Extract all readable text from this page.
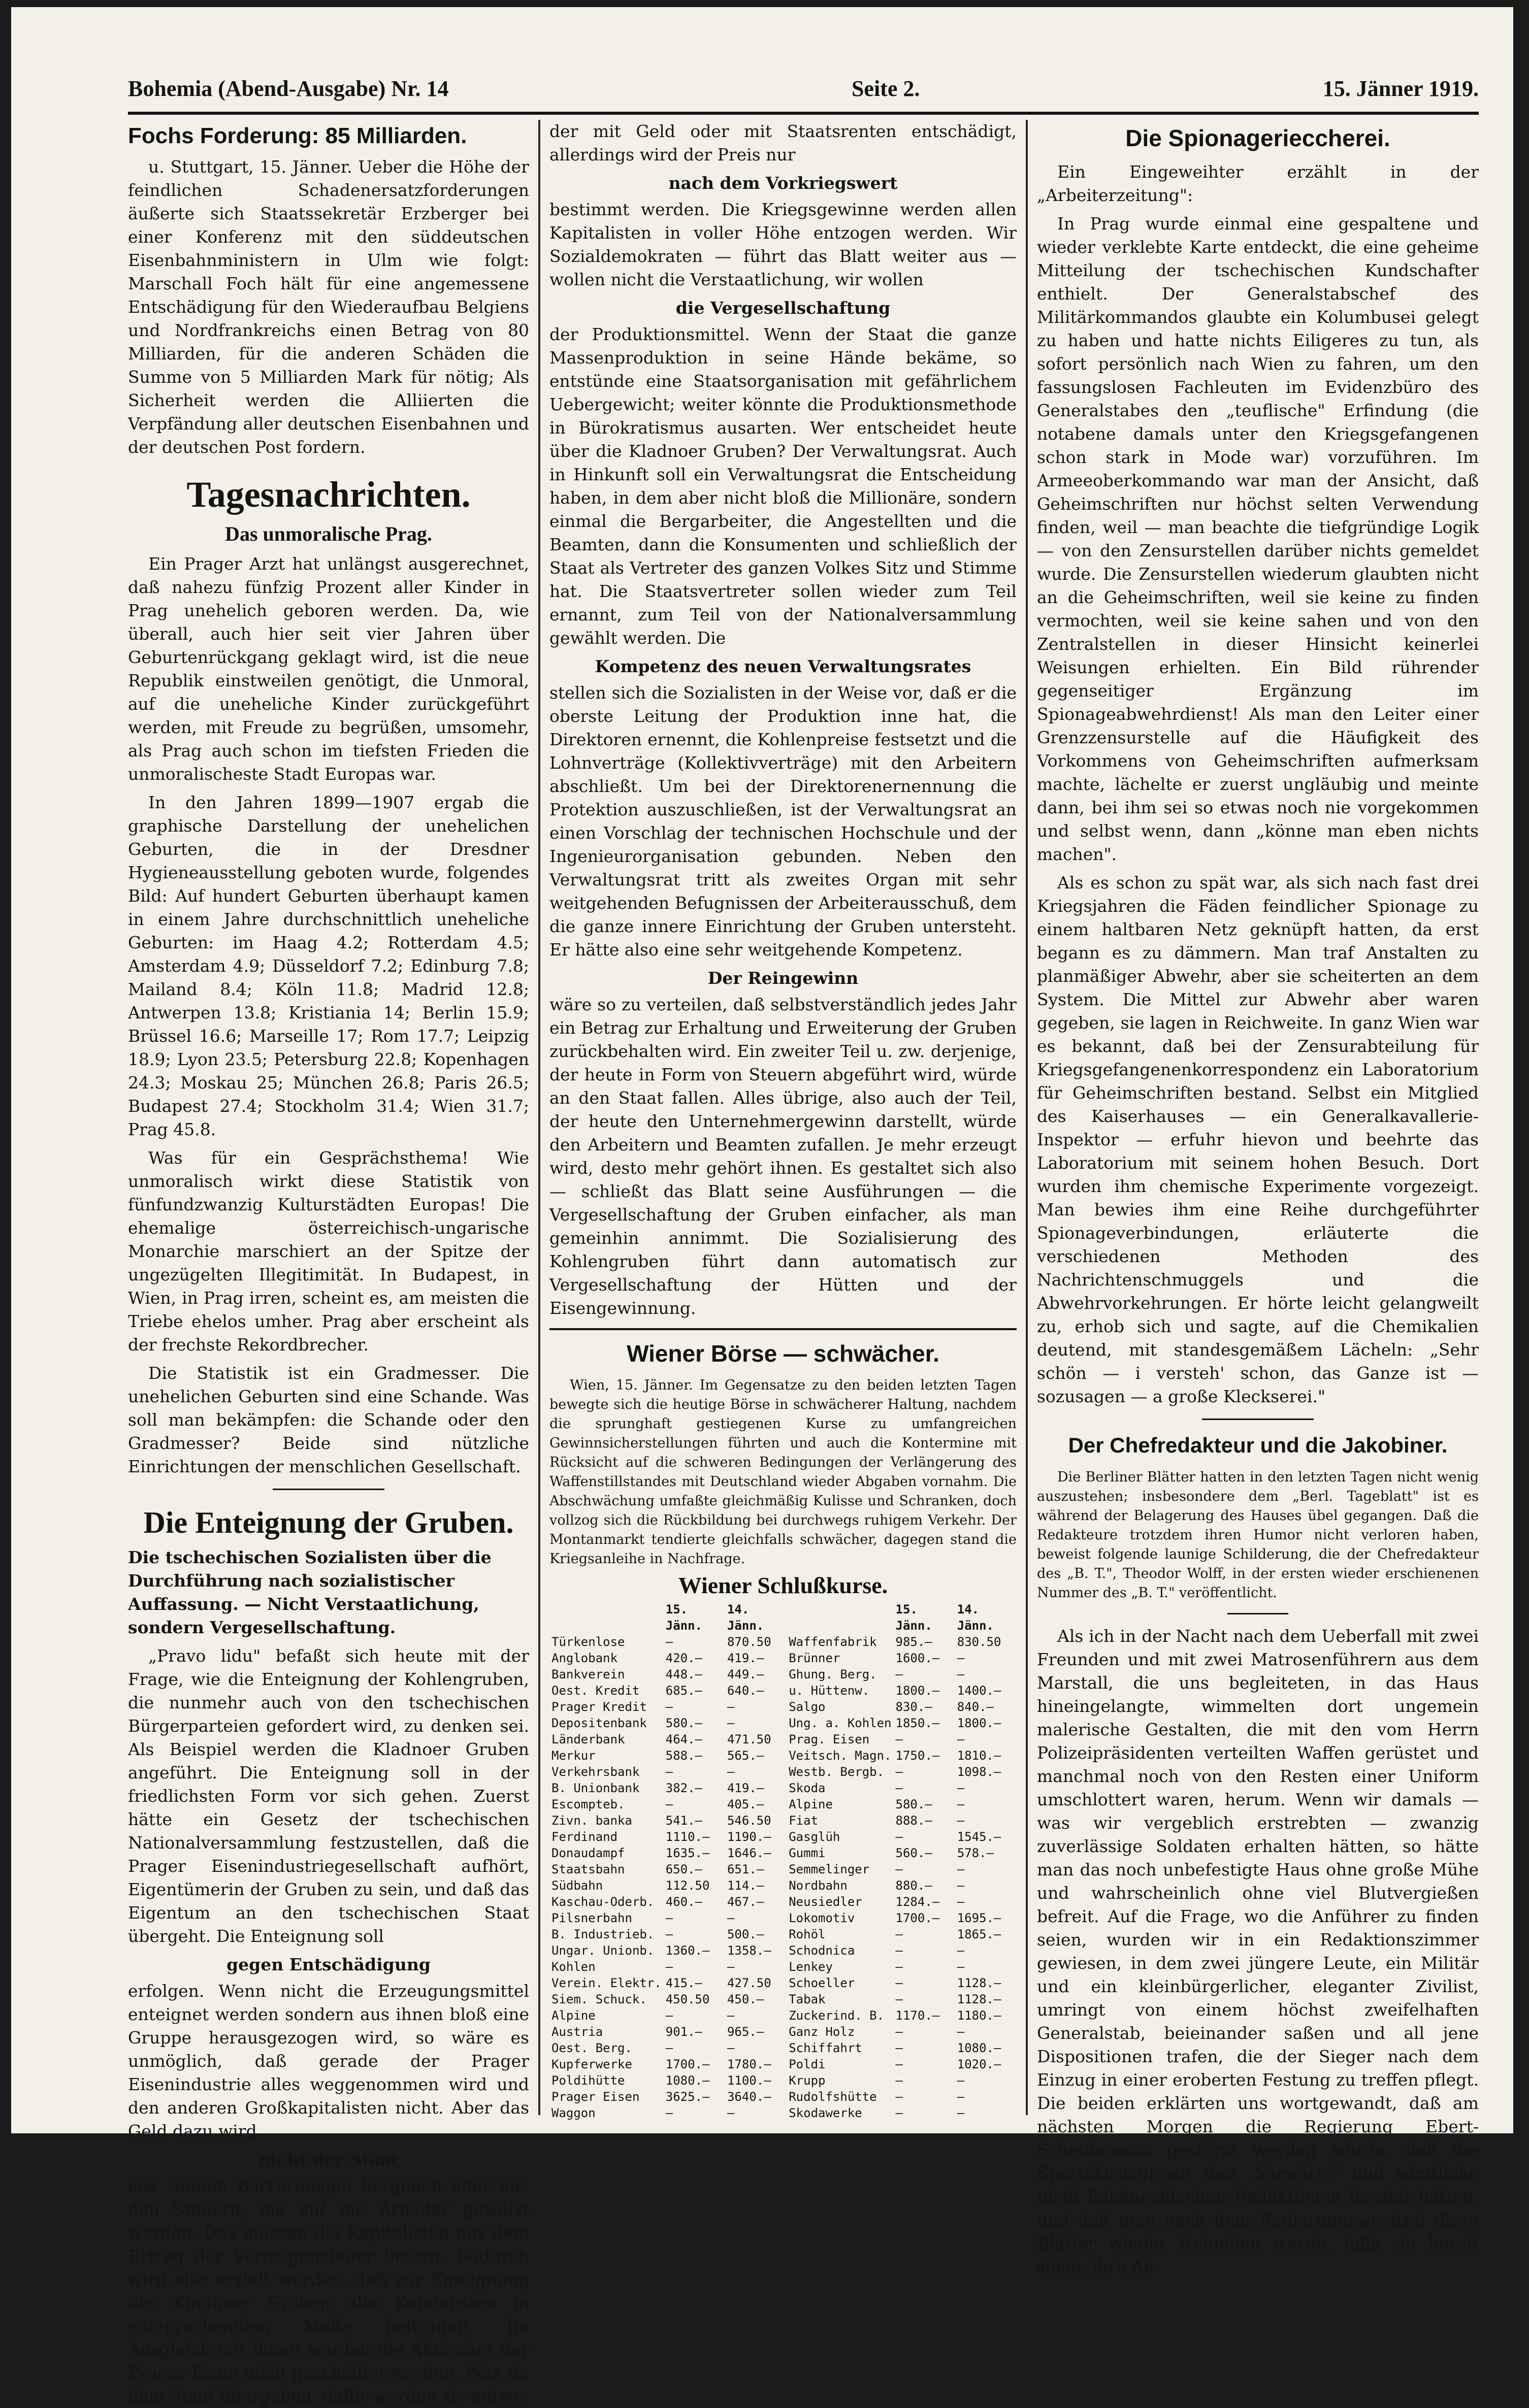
Bohemia (Abend-Ausgabe) Nr. 14	Seite 2.	15. Jänner 1919.
Fochs Forderung: 85 Milliarden.

u. Stuttgart, 15. Jänner. Ueber die Höhe der feindlichen Schadenersatzforderungen äußerte sich Staatssekretär Erzberger bei einer Konferenz mit den süddeutschen Eisenbahnministern in Ulm wie folgt: Marschall Foch hält für eine angemessene Entschädigung für den Wiederaufbau Belgiens und Nordfrankreichs einen Betrag von 80 Milliarden, für die anderen Schäden die Summe von 5 Milliarden Mark für nötig; Als Sicherheit werden die Alliierten die Verpfändung aller deutschen Eisenbahnen und der deutschen Post fordern.

Tagesnachrichten.
Das unmoralische Prag.

Ein Prager Arzt hat unlängst ausgerechnet, daß nahezu fünfzig Prozent aller Kinder in Prag unehelich geboren werden. Da, wie überall, auch hier seit vier Jahren über Geburtenrückgang geklagt wird, ist die neue Republik einstweilen genötigt, die Unmoral, auf die uneheliche Kinder zurückgeführt werden, mit Freude zu begrüßen, umsomehr, als Prag auch schon im tiefsten Frieden die unmoralischeste Stadt Europas war.

In den Jahren 1899—1907 ergab die graphische Darstellung der unehelichen Geburten, die in der Dresdner Hygieneausstellung geboten wurde, folgendes Bild: Auf hundert Geburten überhaupt kamen in einem Jahre durchschnittlich uneheliche Geburten: im Haag 4.2; Rotterdam 4.5; Amsterdam 4.9; Düsseldorf 7.2; Edinburg 7.8; Mailand 8.4; Köln 11.8; Madrid 12.8; Antwerpen 13.8; Kristiania 14; Berlin 15.9; Brüssel 16.6; Marseille 17; Rom 17.7; Leipzig 18.9; Lyon 23.5; Petersburg 22.8; Kopenhagen 24.3; Moskau 25; München 26.8; Paris 26.5; Budapest 27.4; Stockholm 31.4; Wien 31.7; Prag 45.8.

Was für ein Gesprächsthema! Wie unmoralisch wirkt diese Statistik von fünfundzwanzig Kulturstädten Europas! Die ehemalige österreichisch-ungarische Monarchie marschiert an der Spitze der ungezügelten Illegitimität. In Budapest, in Wien, in Prag irren, scheint es, am meisten die Triebe ehelos umher. Prag aber erscheint als der frechste Rekordbrecher.

Die Statistik ist ein Gradmesser. Die unehelichen Geburten sind eine Schande. Was soll man bekämpfen: die Schande oder den Gradmesser? Beide sind nützliche Einrichtungen der menschlichen Gesellschaft.

Die Enteignung der Gruben.

Die tschechischen Sozialisten über die Durchführung nach sozialistischer Auffassung. — Nicht Verstaatlichung, sondern Vergesellschaftung.

„Pravo lidu" befaßt sich heute mit der Frage, wie die Enteignung der Kohlengruben, die nunmehr auch von den tschechischen Bürgerparteien gefordert wird, zu denken sei. Als Beispiel werden die Kladnoer Gruben angeführt. Die Enteignung soll in der friedlichsten Form vor sich gehen. Zuerst hätte ein Gesetz der tschechischen Nationalversammlung festzustellen, daß die Prager Eisenindustriegesellschaft aufhört, Eigentümerin der Gruben zu sein, und daß das Eigentum an den tschechischen Staat übergeht. Die Enteignung soll

gegen Entschädigung

erfolgen. Wenn nicht die Erzeugungsmittel enteignet werden sondern aus ihnen bloß eine Gruppe herausgezogen wird, so wäre es unmöglich, daß gerade der Prager Eisenindustrie alles weggenommen wird und den anderen Großkapitalisten nicht. Aber das Geld dazu wird

nicht der Staat

aus seinem Barvermögen hergeben oder aus den Steuern, die auf die Arbeiter gewälzt werden. Das müssen die Kapitalisten aus dem Ertrag der Vermögensteuer liefern. Dadurch wird also erzielt werden, daß zur Enteignung der Kladnoer Gruben alle Kapitalisten in entsprechendem Maße beitragen. Im Ausgleich mit ihnen werden die Aktionäre der Prager Eisen nicht geschädigt werden. Was sie dem Staat übergeben, dafür werden sie entwe-

der mit Geld oder mit Staatsrenten entschädigt, allerdings wird der Preis nur

nach dem Vorkriegswert

bestimmt werden. Die Kriegsgewinne werden allen Kapitalisten in voller Höhe entzogen werden. Wir Sozialdemokraten — führt das Blatt weiter aus — wollen nicht die Verstaatlichung, wir wollen

die Vergesellschaftung

der Produktionsmittel. Wenn der Staat die ganze Massenproduktion in seine Hände bekäme, so entstünde eine Staatsorganisation mit gefährlichem Uebergewicht; weiter könnte die Produktionsmethode in Bürokratismus ausarten. Wer entscheidet heute über die Kladnoer Gruben? Der Verwaltungsrat. Auch in Hinkunft soll ein Verwaltungsrat die Entscheidung haben, in dem aber nicht bloß die Millionäre, sondern einmal die Bergarbeiter, die Angestellten und die Beamten, dann die Konsumenten und schließlich der Staat als Vertreter des ganzen Volkes Sitz und Stimme hat. Die Staatsvertreter sollen wieder zum Teil ernannt, zum Teil von der Nationalversammlung gewählt werden. Die

Kompetenz des neuen Verwaltungsrates

stellen sich die Sozialisten in der Weise vor, daß er die oberste Leitung der Produktion inne hat, die Direktoren ernennt, die Kohlenpreise festsetzt und die Lohnverträge (Kollektivverträge) mit den Arbeitern abschließt. Um bei der Direktorenernennung die Protektion auszuschließen, ist der Verwaltungsrat an einen Vorschlag der technischen Hochschule und der Ingenieurorganisation gebunden. Neben den Verwaltungsrat tritt als zweites Organ mit sehr weitgehenden Befugnissen der Arbeiterausschuß, dem die ganze innere Einrichtung der Gruben untersteht. Er hätte also eine sehr weitgehende Kompetenz.

Der Reingewinn

wäre so zu verteilen, daß selbstverständlich jedes Jahr ein Betrag zur Erhaltung und Erweiterung der Gruben zurückbehalten wird. Ein zweiter Teil u. zw. derjenige, der heute in Form von Steuern abgeführt wird, würde an den Staat fallen. Alles übrige, also auch der Teil, der heute den Unternehmergewinn darstellt, würde den Arbeitern und Beamten zufallen. Je mehr erzeugt wird, desto mehr gehört ihnen. Es gestaltet sich also — schließt das Blatt seine Ausführungen — die Vergesellschaftung der Gruben einfacher, als man gemeinhin annimmt. Die Sozialisierung des Kohlengruben führt dann automatisch zur Vergesellschaftung der Hütten und der Eisengewinnung.

Wiener Börse — schwächer.

Wien, 15. Jänner. Im Gegensatze zu den beiden letzten Tagen bewegte sich die heutige Börse in schwächerer Haltung, nachdem die sprunghaft gestiegenen Kurse zu umfangreichen Gewinnsicherstellungen führten und auch die Kontermine mit Rücksicht auf die schweren Bedingungen der Verlängerung des Waffenstillstandes mit Deutschland wieder Abgaben vornahm. Die Abschwächung umfaßte gleichmäßig Kulisse und Schranken, doch vollzog sich die Rückbildung bei durchwegs ruhigem Verkehr. Der Montanmarkt tendierte gleichfalls schwächer, dagegen stand die Kriegsanleihe in Nachfrage.

Wiener Schlußkurse.
	15. Jänn.	14. Jänn.		15. Jänn.	14. Jänn.
Türkenlose	—	870.50	Waffenfabrik	985.—	830.50
Anglobank	420.—	419.—	Brünner	1600.—	—
Bankverein	448.—	449.—	Ghung. Berg.	—	—
Oest. Kredit	685.—	640.—	u. Hüttenw.	1800.—	1400.—
Prager Kredit	—	—	Salgo	830.—	840.—
Depositenbank	580.—	—	Ung. a. Kohlen	1850.—	1800.—
Länderbank	464.—	471.50	Prag. Eisen	—	—
Merkur	588.—	565.—	Veitsch. Magn.	1750.—	1810.—
Verkehrsbank	—	—	Westb. Bergb.	—	1098.—
B. Unionbank	382.—	419.—	Skoda	—	—
Escompteb.	—	405.—	Alpine	580.—	—
Zivn. banka	541.—	546.50	Fiat	888.—	—
Ferdinand	1110.—	1190.—	Gasglüh	—	1545.—
Donaudampf	1635.—	1646.—	Gummi	560.—	578.—
Staatsbahn	650.—	651.—	Semmelinger	—	—
Südbahn	112.50	114.—	Nordbahn	880.—	—
Kaschau-Oderb.	460.—	467.—	Neusiedler	1284.—	—
Pilsnerbahn	—	—	Lokomotiv	1700.—	1695.—
B. Industrieb.	—	500.—	Rohöl	—	1865.—
Ungar. Unionb.	1360.—	1358.—	Schodnica	—	—
Kohlen	—	—	Lenkey	—	—
Verein. Elektr.	415.—	427.50	Schoeller	—	1128.—
Siem. Schuck.	450.50	450.—	Tabak	—	1128.—
Alpine	—	—	Zuckerind. B.	1170.—	1180.—
Austria	901.—	965.—	Ganz Holz	—	—
Oest. Berg.	—	—	Schiffahrt	—	1080.—
Kupferwerke	1700.—	1780.—	Poldi	—	1020.—
Poldihütte	1080.—	1100.—	Krupp	—	—
Prager Eisen	3625.—	3640.—	Rudolfshütte	—	—
Waggon	—	—	Skodawerke	—	—
Die Spionagerieccherei.

Ein Eingeweihter erzählt in der „Arbeiterzeitung":

In Prag wurde einmal eine gespaltene und wieder verklebte Karte entdeckt, die eine geheime Mitteilung der tschechischen Kundschafter enthielt. Der Generalstabschef des Militärkommandos glaubte ein Kolumbusei gelegt zu haben und hatte nichts Eiligeres zu tun, als sofort persönlich nach Wien zu fahren, um den fassungslosen Fachleuten im Evidenzbüro des Generalstabes den „teuflische" Erfindung (die notabene damals unter den Kriegsgefangenen schon stark in Mode war) vorzuführen. Im Armeeoberkommando war man der Ansicht, daß Geheimschriften nur höchst selten Verwendung finden, weil — man beachte die tiefgründige Logik — von den Zensurstellen darüber nichts gemeldet wurde. Die Zensurstellen wiederum glaubten nicht an die Geheimschriften, weil sie keine zu finden vermochten, weil sie keine sahen und von den Zentralstellen in dieser Hinsicht keinerlei Weisungen erhielten. Ein Bild rührender gegenseitiger Ergänzung im Spionageabwehrdienst! Als man den Leiter einer Grenzzensurstelle auf die Häufigkeit des Vorkommens von Geheimschriften aufmerksam machte, lächelte er zuerst ungläubig und meinte dann, bei ihm sei so etwas noch nie vorgekommen und selbst wenn, dann „könne man eben nichts machen".

Als es schon zu spät war, als sich nach fast drei Kriegsjahren die Fäden feindlicher Spionage zu einem haltbaren Netz geknüpft hatten, da erst begann es zu dämmern. Man traf Anstalten zu planmäßiger Abwehr, aber sie scheiterten an dem System. Die Mittel zur Abwehr aber waren gegeben, sie lagen in Reichweite. In ganz Wien war es bekannt, daß bei der Zensurabteilung für Kriegsgefangenenkorrespondenz ein Laboratorium für Geheimschriften bestand. Selbst ein Mitglied des Kaiserhauses — ein Generalkavallerie-Inspektor — erfuhr hievon und beehrte das Laboratorium mit seinem hohen Besuch. Dort wurden ihm chemische Experimente vorgezeigt. Man bewies ihm eine Reihe durchgeführter Spionageverbindungen, erläuterte die verschiedenen Methoden des Nachrichtenschmuggels und die Abwehrvorkehrungen. Er hörte leicht gelangweilt zu, erhob sich und sagte, auf die Chemikalien deutend, mit standesgemäßem Lächeln: „Sehr schön — i versteh' schon, das Ganze ist — sozusagen — a große Kleckserei."

Der Chefredakteur und die Jakobiner.

Die Berliner Blätter hatten in den letzten Tagen nicht wenig auszustehen; insbesondere dem „Berl. Tageblatt" ist es während der Belagerung des Hauses übel gegangen. Daß die Redakteure trotzdem ihren Humor nicht verloren haben, beweist folgende launige Schilderung, die der Chefredakteur des „B. T.", Theodor Wolff, in der ersten wieder erschienenen Nummer des „B. T." veröffentlicht.

Als ich in der Nacht nach dem Ueberfall mit zwei Freunden und mit zwei Matrosenführern aus dem Marstall, die uns begleiteten, in das Haus hineingelangte, wimmelten dort ungemein malerische Gestalten, die mit den vom Herrn Polizeipräsidenten verteilten Waffen gerüstet und manchmal noch von den Resten einer Uniform umschlottert waren, herum. Wenn wir damals — was wir vergeblich erstrebten — zwanzig zuverlässige Soldaten erhalten hätten, so hätte man das noch unbefestigte Haus ohne große Mühe und wahrscheinlich ohne viel Blutvergießen befreit. Auf die Frage, wo die Anführer zu finden seien, wurden wir in ein Redaktionszimmer gewiesen, in dem zwei jüngere Leute, ein Militär und ein kleinbürgerlicher, eleganter Zivilist, umringt von einem höchst zweifelhaften Generalstab, beieinander saßen und all jene Dispositionen trafen, die der Sieger nach dem Einzug in einer eroberten Festung zu treffen pflegt. Die beiden erklärten uns wortgewandt, daß am nächsten Morgen die Regierung Ebert-Scheidemann gestürzt werden würde, daß die Spartakustruppen den „Vorwärts" und sämtliche nicht liebknechtschen Redaktionen besetzt hätten, und daß man nach dem Regierungswechsel diese Blätter wieder freigeben werde, falls sie bereit seien, ihre An-
